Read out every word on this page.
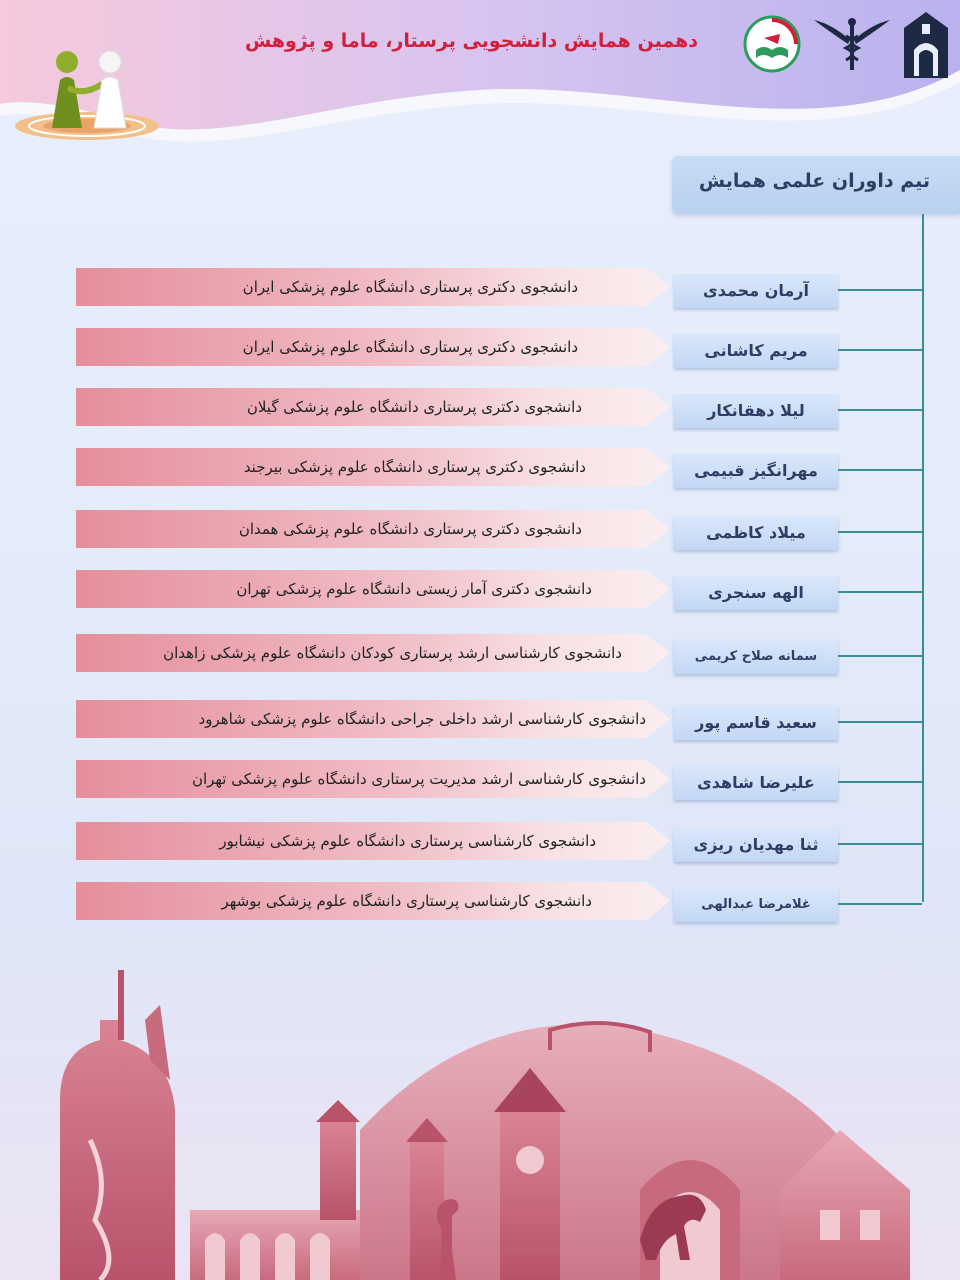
دهمین همایش دانشجویی پرستار، ماما و پژوهش
تیم داوران علمی همایش
دانشجوی دکتری پرستاری دانشگاه علوم پزشکی ایران	آرمان محمدی
دانشجوی دکتری پرستاری دانشگاه علوم پزشکی ایران	مریم کاشانی
دانشجوی دکتری پرستاری دانشگاه علوم پزشکی گیلان	لیلا دهقانکار
دانشجوی دکتری پرستاری دانشگاه علوم پزشکی بیرجند	مهرانگیز قبیمی
دانشجوی دکتری پرستاری دانشگاه علوم پزشکی همدان	میلاد کاظمی
دانشجوی دکتری آمار زیستی دانشگاه علوم پزشکی تهران	الهه سنجری
دانشجوی کارشناسی ارشد پرستاری کودکان دانشگاه علوم پزشکی زاهدان	سمانه صلاح کریمی
دانشجوی کارشناسی ارشد داخلی جراحی دانشگاه علوم پزشکی شاهرود	سعید قاسم پور
دانشجوی کارشناسی ارشد مدیریت پرستاری دانشگاه علوم پزشکی تهران	علیرضا شاهدی
دانشجوی کارشناسی پرستاری دانشگاه علوم پزشکی نیشابور	ثنا مهدیان ریزی
دانشجوی کارشناسی پرستاری دانشگاه علوم پزشکی بوشهر	غلامرضا عبدالهی
